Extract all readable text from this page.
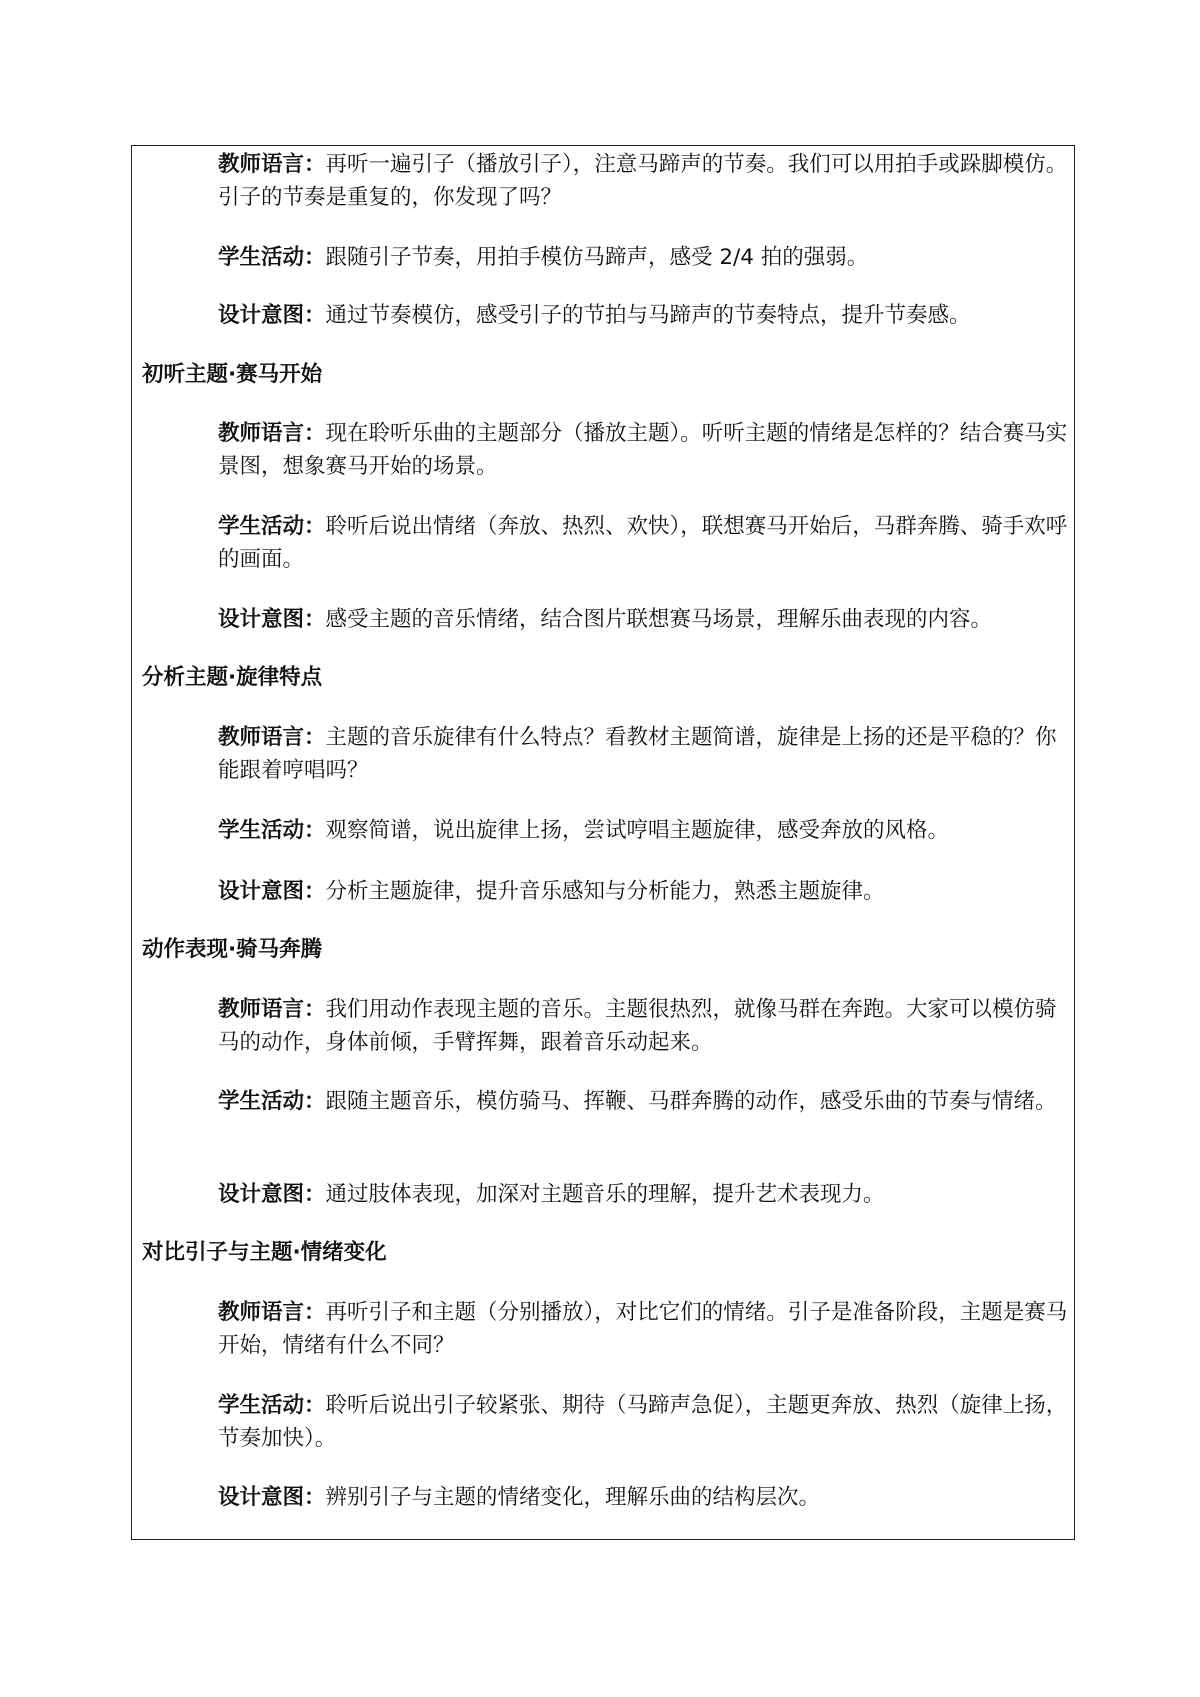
教师语言：再听一遍引子（播放引子），注意马蹄声的节奏。我们可以用拍手或跺脚模仿。引子的节奏是重复的，你发现了吗？
学生活动：跟随引子节奏，用拍手模仿马蹄声，感受 2/4 拍的强弱。
设计意图：通过节奏模仿，感受引子的节拍与马蹄声的节奏特点，提升节奏感。
初听主题·赛马开始
教师语言：现在聆听乐曲的主题部分（播放主题）。听听主题的情绪是怎样的？结合赛马实景图，想象赛马开始的场景。
学生活动：聆听后说出情绪（奔放、热烈、欢快），联想赛马开始后，马群奔腾、骑手欢呼的画面。
设计意图：感受主题的音乐情绪，结合图片联想赛马场景，理解乐曲表现的内容。
分析主题·旋律特点
教师语言：主题的音乐旋律有什么特点？看教材主题简谱，旋律是上扬的还是平稳的？你能跟着哼唱吗？
学生活动：观察简谱，说出旋律上扬，尝试哼唱主题旋律，感受奔放的风格。
设计意图：分析主题旋律，提升音乐感知与分析能力，熟悉主题旋律。
动作表现·骑马奔腾
教师语言：我们用动作表现主题的音乐。主题很热烈，就像马群在奔跑。大家可以模仿骑马的动作，身体前倾，手臂挥舞，跟着音乐动起来。
学生活动：跟随主题音乐，模仿骑马、挥鞭、马群奔腾的动作，感受乐曲的节奏与情绪。
设计意图：通过肢体表现，加深对主题音乐的理解，提升艺术表现力。
对比引子与主题·情绪变化
教师语言：再听引子和主题（分别播放），对比它们的情绪。引子是准备阶段，主题是赛马开始，情绪有什么不同？
学生活动：聆听后说出引子较紧张、期待（马蹄声急促），主题更奔放、热烈（旋律上扬，节奏加快）。
设计意图：辨别引子与主题的情绪变化，理解乐曲的结构层次。
